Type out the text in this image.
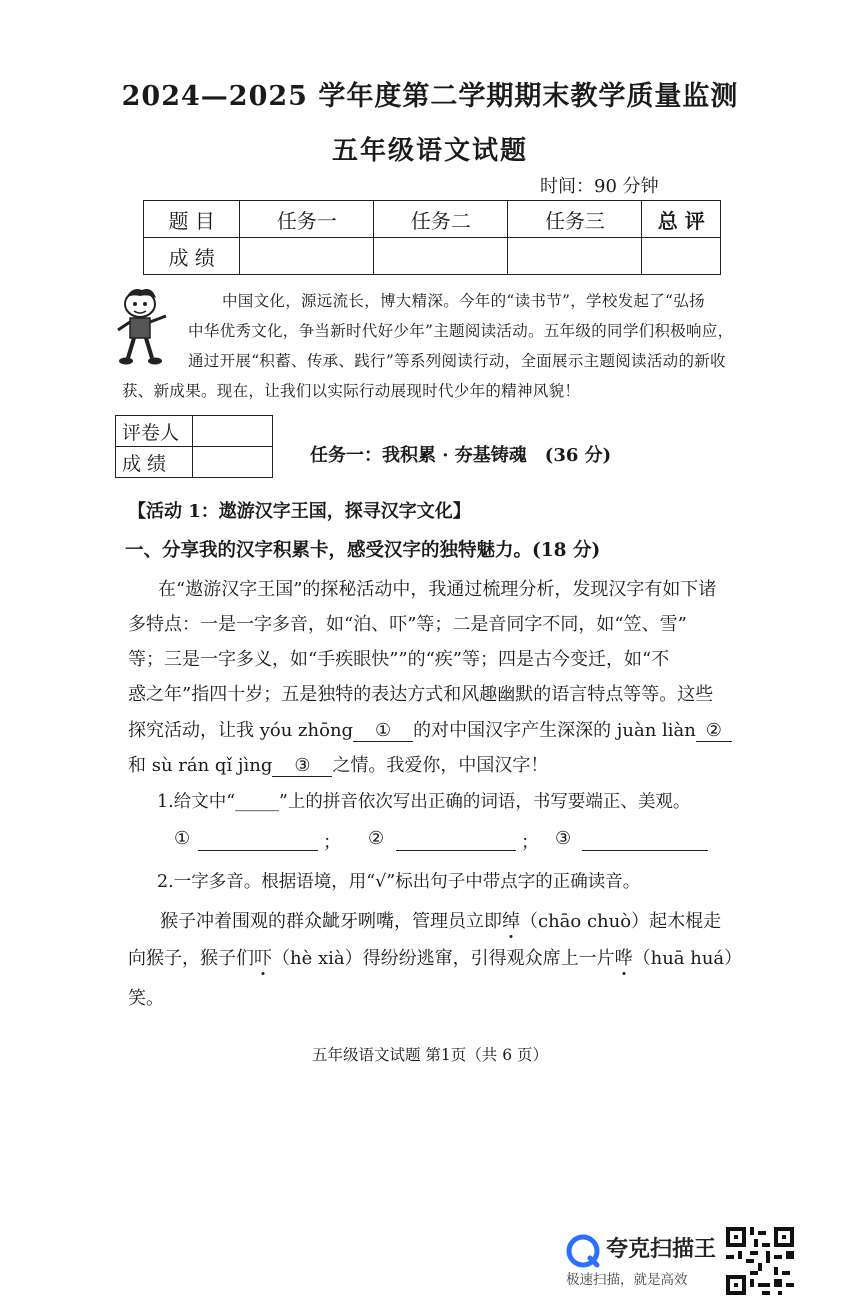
2024—2025 学年度第二学期期末教学质量监测
五年级语文试题
时间：90 分钟
题 目	任务一	任务二	任务三	总 评
成 绩				
中国文化，源远流长，博大精深。今年的“读书节”，学校发起了“弘扬
中华优秀文化，争当新时代好少年”主题阅读活动。五年级的同学们积极响应，
通过开展“积蓄、传承、践行”等系列阅读行动，全面展示主题阅读活动的新收
获、新成果。现在，让我们以实际行动展现时代少年的精神风貌！
评卷人	
成 绩		任务一：我积累 · 夯基铸魂　(36 分)
【活动 1：遨游汉字王国，探寻汉字文化】
一、分享我的汉字积累卡，感受汉字的独特魅力。(18 分)
在“遨游汉字王国”的探秘活动中，我通过梳理分析，发现汉字有如下诸
多特点：一是一字多音，如“泊、吓”等；二是音同字不同，如“笠、雪”
等；三是一字多义，如“手疾眼快””的“疾”等；四是古今变迁，如“不
惑之年”指四十岁；五是独特的表达方式和风趣幽默的语言特点等等。这些
探究活动，让我 yóu zhōng ① 的对中国汉字产生深深的 juàn liàn ②
和 sù rán qǐ jìng ③ 之情。我爱你，中国汉字！
1.给文中“_____”上的拼音依次写出正确的词语，书写要端正、美观。
①	； ②	； ③
2.一字多音。根据语境，用“√”标出句子中带点字的正确读音。
猴子冲着围观的群众龇牙咧嘴，管理员立即绰（chāo chuò）起木棍走
向猴子，猴子们吓（hè xià）得纷纷逃窜，引得观众席上一片哗（huā huá）
笑。
五年级语文试题 第1页（共 6 页）
夸克扫描王
极速扫描，就是高效
